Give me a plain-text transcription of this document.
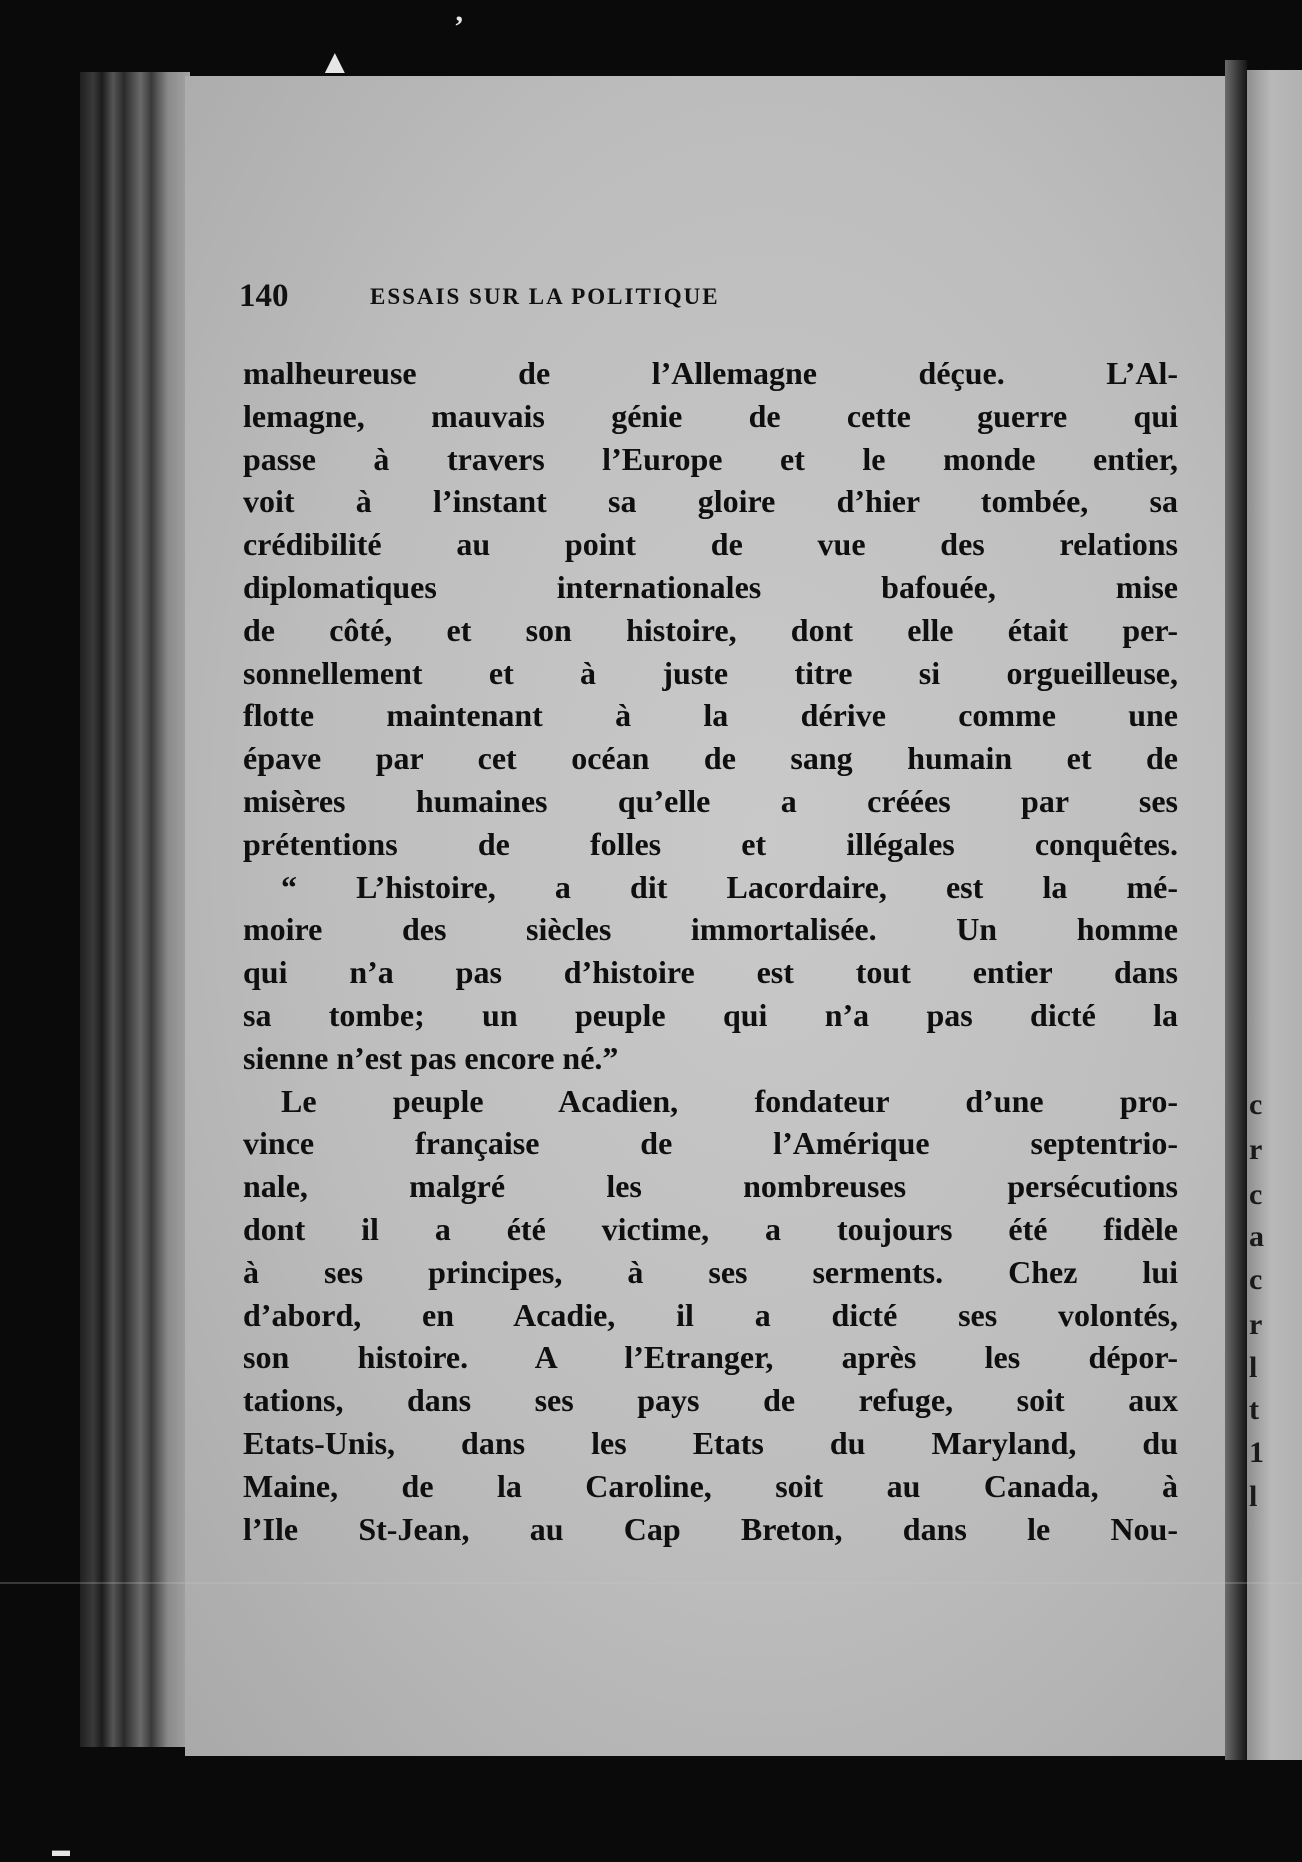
140	ESSAIS SUR LA POLITIQUE
malheureuse de l’Allemagne déçue. L’Al-
lemagne, mauvais génie de cette guerre qui
passe à travers l’Europe et le monde entier,
voit à l’instant sa gloire d’hier tombée, sa
crédibilité au point de vue des relations
diplomatiques internationales bafouée, mise
de côté, et son histoire, dont elle était per-
sonnellement et à juste titre si orgueilleuse,
flotte maintenant à la dérive comme une
épave par cet océan de sang humain et de
misères humaines qu’elle a créées par ses
prétentions de folles et illégales conquêtes.
“ L’histoire, a dit Lacordaire, est la mé-
moire des siècles immortalisée. Un homme
qui n’a pas d’histoire est tout entier dans
sa tombe; un peuple qui n’a pas dicté la
sienne n’est pas encore né.”
Le peuple Acadien, fondateur d’une pro-
vince française de l’Amérique septentrio-
nale, malgré les nombreuses persécutions
dont il a été victime, a toujours été fidèle
à ses principes, à ses serments. Chez lui
d’abord, en Acadie, il a dicté ses volontés,
son histoire. A l’Etranger, après les dépor-
tations, dans ses pays de refuge, soit aux
Etats-Unis, dans les Etats du Maryland, du
Maine, de la Caroline, soit au Canada, à
l’Ile St-Jean, au Cap Breton, dans le Nou-
c
r
c
a
c
r
l
t
1
l
▲
’
▬
